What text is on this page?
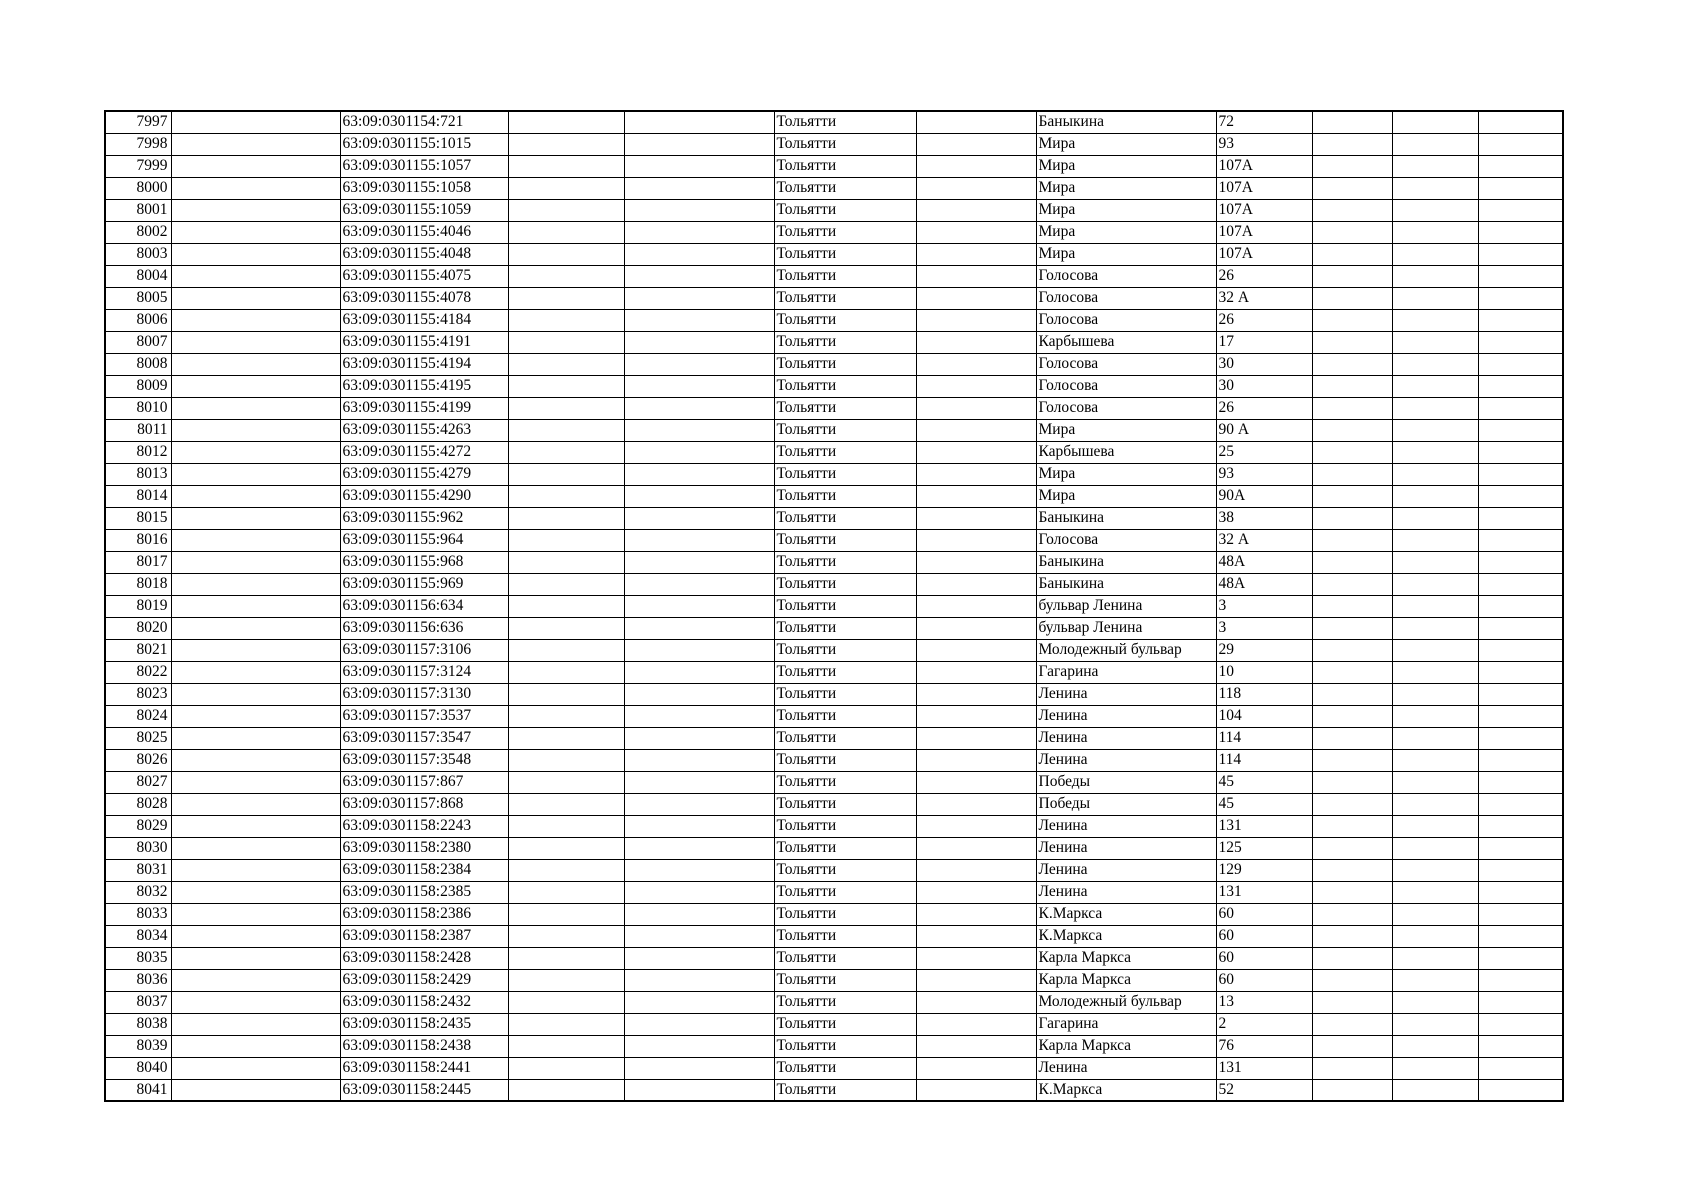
7997		63:09:0301154:721			Тольятти		Баныкина	72			
7998		63:09:0301155:1015			Тольятти		Мира	93			
7999		63:09:0301155:1057			Тольятти		Мира	107А			
8000		63:09:0301155:1058			Тольятти		Мира	107А			
8001		63:09:0301155:1059			Тольятти		Мира	107А			
8002		63:09:0301155:4046			Тольятти		Мира	107А			
8003		63:09:0301155:4048			Тольятти		Мира	107А			
8004		63:09:0301155:4075			Тольятти		Голосова	26			
8005		63:09:0301155:4078			Тольятти		Голосова	32 А			
8006		63:09:0301155:4184			Тольятти		Голосова	26			
8007		63:09:0301155:4191			Тольятти		Карбышева	17			
8008		63:09:0301155:4194			Тольятти		Голосова	30			
8009		63:09:0301155:4195			Тольятти		Голосова	30			
8010		63:09:0301155:4199			Тольятти		Голосова	26			
8011		63:09:0301155:4263			Тольятти		Мира	90 А			
8012		63:09:0301155:4272			Тольятти		Карбышева	25			
8013		63:09:0301155:4279			Тольятти		Мира	93			
8014		63:09:0301155:4290			Тольятти		Мира	90А			
8015		63:09:0301155:962			Тольятти		Баныкина	38			
8016		63:09:0301155:964			Тольятти		Голосова	32 А			
8017		63:09:0301155:968			Тольятти		Баныкина	48А			
8018		63:09:0301155:969			Тольятти		Баныкина	48А			
8019		63:09:0301156:634			Тольятти		бульвар Ленина	3			
8020		63:09:0301156:636			Тольятти		бульвар Ленина	3			
8021		63:09:0301157:3106			Тольятти		Молодежный бульвар	29			
8022		63:09:0301157:3124			Тольятти		Гагарина	10			
8023		63:09:0301157:3130			Тольятти		Ленина	118			
8024		63:09:0301157:3537			Тольятти		Ленина	104			
8025		63:09:0301157:3547			Тольятти		Ленина	114			
8026		63:09:0301157:3548			Тольятти		Ленина	114			
8027		63:09:0301157:867			Тольятти		Победы	45			
8028		63:09:0301157:868			Тольятти		Победы	45			
8029		63:09:0301158:2243			Тольятти		Ленина	131			
8030		63:09:0301158:2380			Тольятти		Ленина	125			
8031		63:09:0301158:2384			Тольятти		Ленина	129			
8032		63:09:0301158:2385			Тольятти		Ленина	131			
8033		63:09:0301158:2386			Тольятти		К.Маркса	60			
8034		63:09:0301158:2387			Тольятти		К.Маркса	60			
8035		63:09:0301158:2428			Тольятти		Карла Маркса	60			
8036		63:09:0301158:2429			Тольятти		Карла Маркса	60			
8037		63:09:0301158:2432			Тольятти		Молодежный бульвар	13			
8038		63:09:0301158:2435			Тольятти		Гагарина	2			
8039		63:09:0301158:2438			Тольятти		Карла Маркса	76			
8040		63:09:0301158:2441			Тольятти		Ленина	131			
8041		63:09:0301158:2445			Тольятти		К.Маркса	52			
